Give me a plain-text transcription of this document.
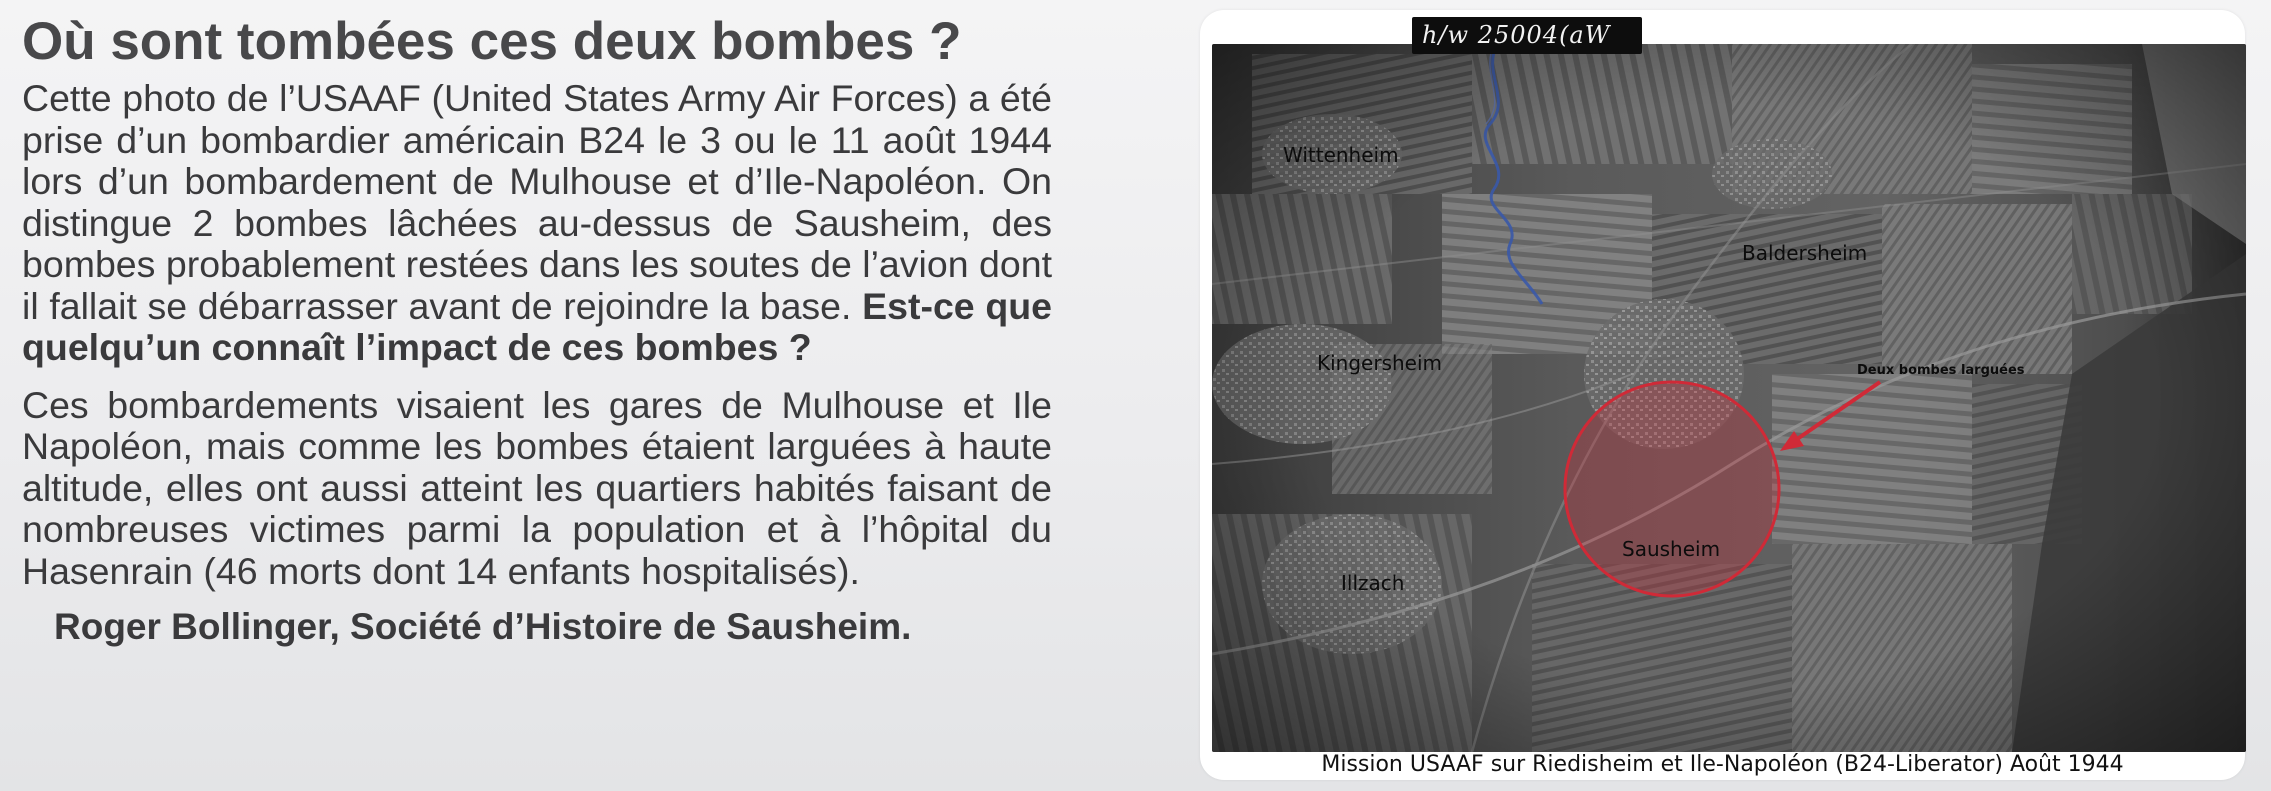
Où sont tombées ces deux bombes ?

Cette photo de l’USAAF (United States Army Air Forces) a été prise d’un bombardier américain B24 le 3 ou le 11 août 1944 lors d’un bombardement de Mulhouse et d’Ile-Napoléon. On distingue 2 bombes lâchées au-dessus de Sausheim, des bombes probablement restées dans les soutes de l’avion dont il fallait se débarrasser avant de rejoindre la base. Est-ce que quelqu’un connaît l’impact de ces bombes ?

Ces bombardements visaient les gares de Mulhouse et Ile Napoléon, mais comme les bombes étaient larguées à haute altitude, elles ont aussi atteint les quartiers habités faisant de nombreuses victimes parmi la population et à l’hôpital du Hasenrain (46 morts dont 14 enfants hospitalisés).

Roger Bollinger, Société d’Histoire de Sausheim.

h/w 25004(aW
Wittenheim
Baldersheim
Kingersheim
Sausheim
Illzach
Deux bombes larguées
Mission USAAF sur Riedisheim et Ile-Napoléon (B24-Liberator) Août 1944
